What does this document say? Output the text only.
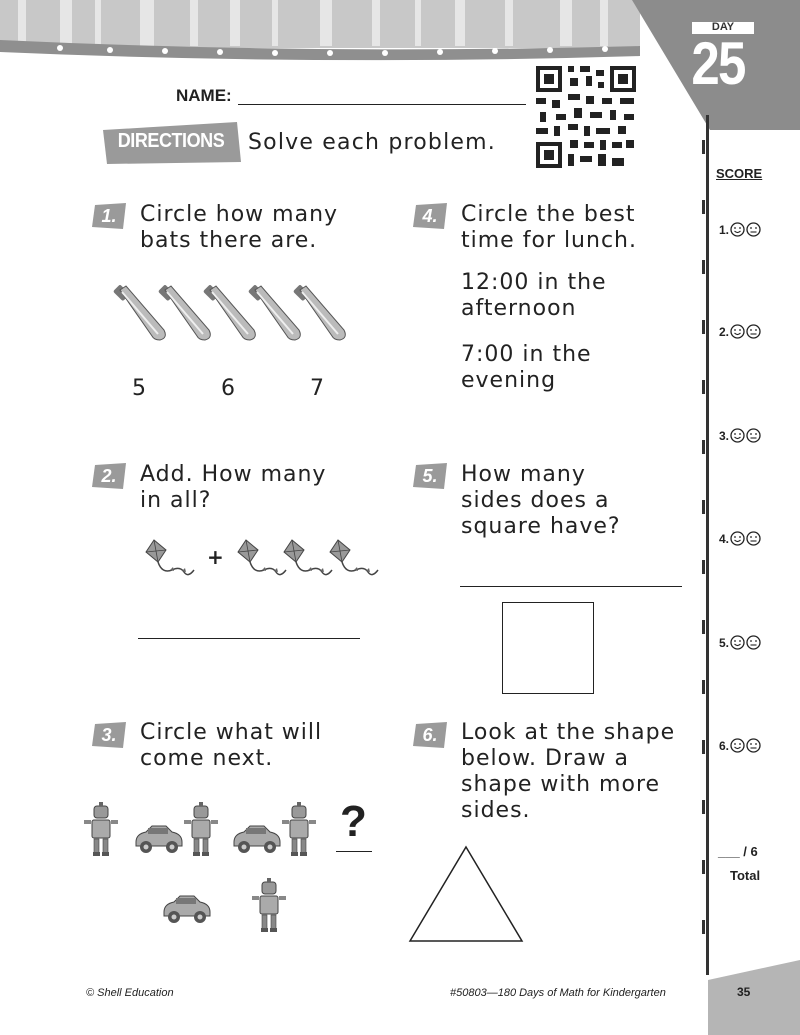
DAY
25
NAME:
DIRECTIONS Solve each problem.
1.
2.
3.
4.
5.
6.
Circle how many
bats there are.
Add. How many
in all?
Circle what will
come next.
Circle the best
time for lunch.
How many
sides does a
square have?
Look at the shape
below. Draw a
shape with more
sides.
5	6	7
+
?
12:00 in the
afternoon
7:00 in the
evening
SCORE
1.
2.
3.
4.
5.
6.
___ / 6
Total
© Shell Education	#50803—180 Days of Math for Kindergarten	35
